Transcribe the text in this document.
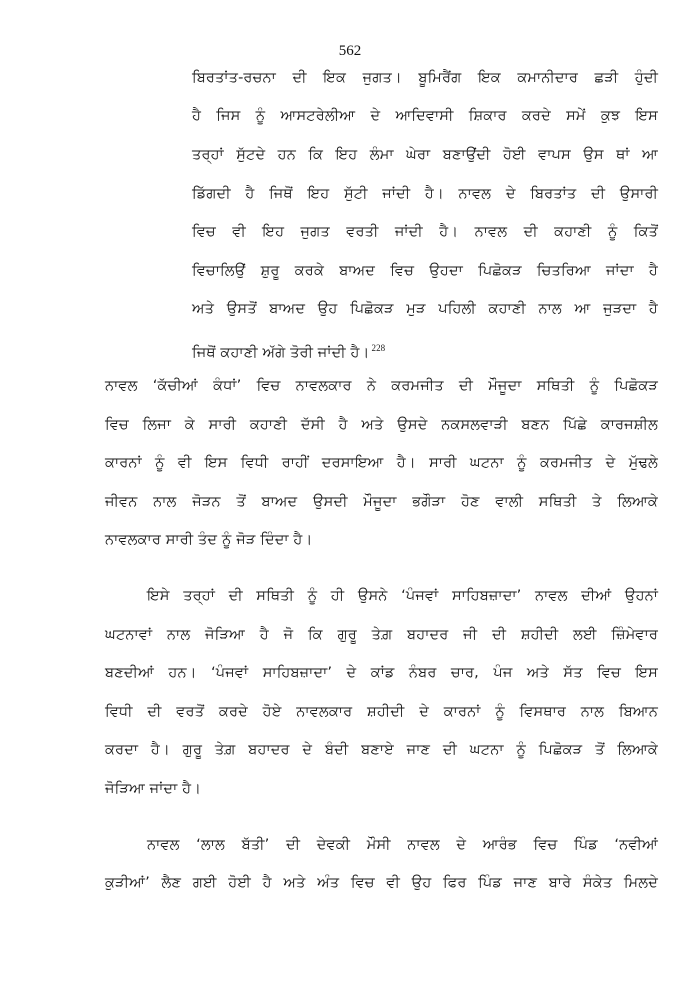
562
ਬਿਰਤਾਂਤ-ਰਚਨਾ ਦੀ ਇਕ ਜੁਗਤ। ਬੂਮਿਰੈਂਗ ਇਕ ਕਮਾਨੀਦਾਰ ਛੜੀ ਹੁੰਦੀ
ਹੈ ਜਿਸ ਨੂੰ ਆਸਟਰੇਲੀਆ ਦੇ ਆਦਿਵਾਸੀ ਸ਼ਿਕਾਰ ਕਰਦੇ ਸਮੇਂ ਕੁਝ ਇਸ
ਤਰ੍ਹਾਂ ਸੁੱਟਦੇ ਹਨ ਕਿ ਇਹ ਲੰਮਾ ਘੇਰਾ ਬਣਾਉਂਦੀ ਹੋਈ ਵਾਪਸ ਉਸ ਥਾਂ ਆ
ਡਿੱਗਦੀ ਹੈ ਜਿਥੋਂ ਇਹ ਸੁੱਟੀ ਜਾਂਦੀ ਹੈ। ਨਾਵਲ ਦੇ ਬਿਰਤਾਂਤ ਦੀ ਉਸਾਰੀ
ਵਿਚ ਵੀ ਇਹ ਜੁਗਤ ਵਰਤੀ ਜਾਂਦੀ ਹੈ। ਨਾਵਲ ਦੀ ਕਹਾਣੀ ਨੂੰ ਕਿਤੋਂ
ਵਿਚਾਲਿਉਂ ਸ਼ੁਰੂ ਕਰਕੇ ਬਾਅਦ ਵਿਚ ਉਹਦਾ ਪਿਛੋਕੜ ਚਿਤਰਿਆ ਜਾਂਦਾ ਹੈ
ਅਤੇ ਉਸਤੋਂ ਬਾਅਦ ਉਹ ਪਿਛੋਕੜ ਮੁੜ ਪਹਿਲੀ ਕਹਾਣੀ ਨਾਲ ਆ ਜੁੜਦਾ ਹੈ
ਜਿਥੋਂ ਕਹਾਣੀ ਅੱਗੇ ਤੋਰੀ ਜਾਂਦੀ ਹੈ। $^{228}$
ਨਾਵਲ ‘ਕੱਚੀਆਂ ਕੰਧਾਂ’ ਵਿਚ ਨਾਵਲਕਾਰ ਨੇ ਕਰਮਜੀਤ ਦੀ ਮੌਜੂਦਾ ਸਥਿਤੀ ਨੂੰ ਪਿਛੋਕੜ
ਵਿਚ ਲਿਜਾ ਕੇ ਸਾਰੀ ਕਹਾਣੀ ਦੱਸੀ ਹੈ ਅਤੇ ਉਸਦੇ ਨਕਸਲਵਾੜੀ ਬਣਨ ਪਿੱਛੇ ਕਾਰਜਸ਼ੀਲ
ਕਾਰਨਾਂ ਨੂੰ ਵੀ ਇਸ ਵਿਧੀ ਰਾਹੀਂ ਦਰਸਾਇਆ ਹੈ। ਸਾਰੀ ਘਟਨਾ ਨੂੰ ਕਰਮਜੀਤ ਦੇ ਮੁੱਢਲੇ
ਜੀਵਨ ਨਾਲ ਜੋੜਨ ਤੋਂ ਬਾਅਦ ਉਸਦੀ ਮੌਜੂਦਾ ਭਗੌੜਾ ਹੋਣ ਵਾਲੀ ਸਥਿਤੀ ਤੇ ਲਿਆਕੇ
ਨਾਵਲਕਾਰ ਸਾਰੀ ਤੰਦ ਨੂੰ ਜੋੜ ਦਿੰਦਾ ਹੈ।
ਇਸੇ ਤਰ੍ਹਾਂ ਦੀ ਸਥਿਤੀ ਨੂੰ ਹੀ ਉਸਨੇ ‘ਪੰਜਵਾਂ ਸਾਹਿਬਜ਼ਾਦਾ’ ਨਾਵਲ ਦੀਆਂ ਉਹਨਾਂ
ਘਟਨਾਵਾਂ ਨਾਲ ਜੋੜਿਆ ਹੈ ਜੋ ਕਿ ਗੁਰੂ ਤੇਗ਼ ਬਹਾਦਰ ਜੀ ਦੀ ਸ਼ਹੀਦੀ ਲਈ ਜ਼ਿੰਮੇਵਾਰ
ਬਣਦੀਆਂ ਹਨ। ‘ਪੰਜਵਾਂ ਸਾਹਿਬਜ਼ਾਦਾ’ ਦੇ ਕਾਂਡ ਨੰਬਰ ਚਾਰ, ਪੰਜ ਅਤੇ ਸੱਤ ਵਿਚ ਇਸ
ਵਿਧੀ ਦੀ ਵਰਤੋਂ ਕਰਦੇ ਹੋਏ ਨਾਵਲਕਾਰ ਸ਼ਹੀਦੀ ਦੇ ਕਾਰਨਾਂ ਨੂੰ ਵਿਸਥਾਰ ਨਾਲ ਬਿਆਨ
ਕਰਦਾ ਹੈ। ਗੁਰੂ ਤੇਗ਼ ਬਹਾਦਰ ਦੇ ਬੰਦੀ ਬਣਾਏ ਜਾਣ ਦੀ ਘਟਨਾ ਨੂੰ ਪਿਛੋਕੜ ਤੋਂ ਲਿਆਕੇ
ਜੋੜਿਆ ਜਾਂਦਾ ਹੈ।
ਨਾਵਲ ‘ਲਾਲ ਬੱਤੀ’ ਦੀ ਦੇਵਕੀ ਮੌਸੀ ਨਾਵਲ ਦੇ ਆਰੰਭ ਵਿਚ ਪਿੰਡ ‘ਨਵੀਆਂ
ਕੁੜੀਆਂ’ ਲੈਣ ਗਈ ਹੋਈ ਹੈ ਅਤੇ ਅੰਤ ਵਿਚ ਵੀ ਉਹ ਫਿਰ ਪਿੰਡ ਜਾਣ ਬਾਰੇ ਸੰਕੇਤ ਮਿਲਦੇ
